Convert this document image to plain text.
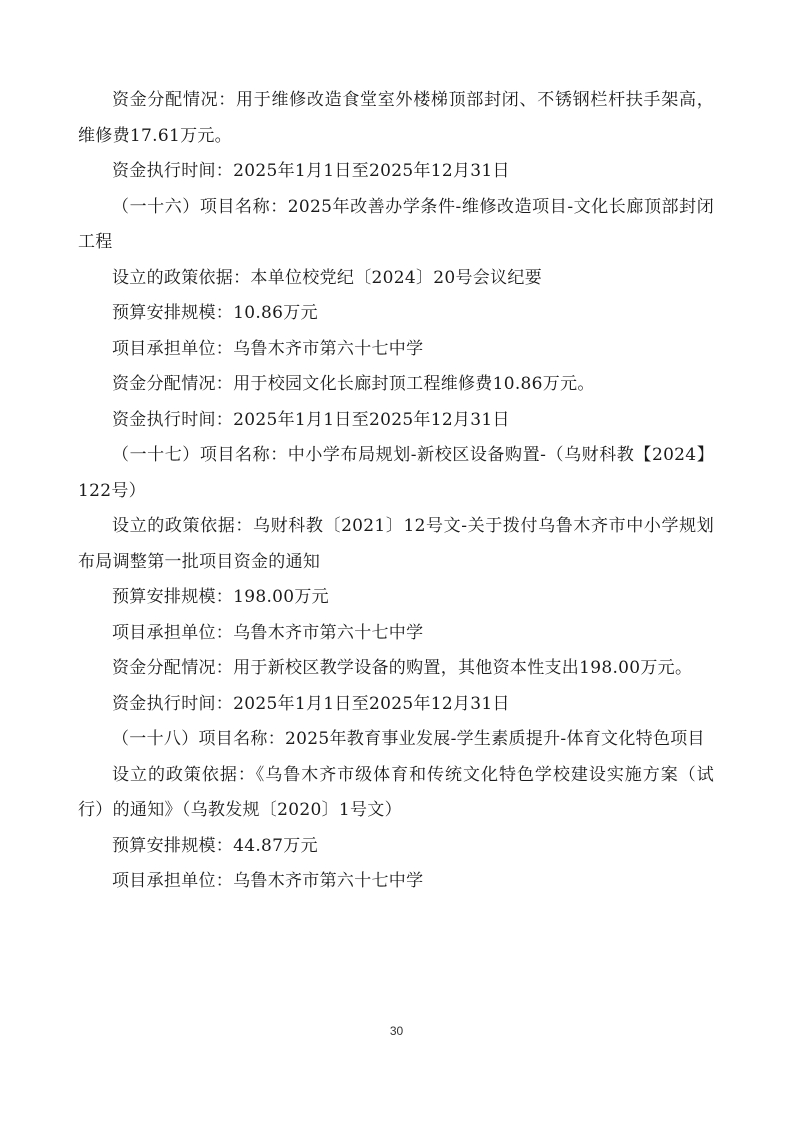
资金分配情况：用于维修改造食堂室外楼梯顶部封闭、不锈钢栏杆扶手架高，维修费17.61万元。

资金执行时间：2025年1月1日至2025年12月31日

（一十六）项目名称：2025年改善办学条件-维修改造项目-文化长廊顶部封闭工程

设立的政策依据：本单位校党纪〔2024〕20号会议纪要

预算安排规模：10.86万元

项目承担单位：乌鲁木齐市第六十七中学

资金分配情况：用于校园文化长廊封顶工程维修费10.86万元。

资金执行时间：2025年1月1日至2025年12月31日

（一十七）项目名称：中小学布局规划-新校区设备购置-（乌财科教【2024】122号）

设立的政策依据：乌财科教〔2021〕12号文-关于拨付乌鲁木齐市中小学规划布局调整第一批项目资金的通知

预算安排规模：198.00万元

项目承担单位：乌鲁木齐市第六十七中学

资金分配情况：用于新校区教学设备的购置，其他资本性支出198.00万元。

资金执行时间：2025年1月1日至2025年12月31日

（一十八）项目名称：2025年教育事业发展-学生素质提升-体育文化特色项目

设立的政策依据：《乌鲁木齐市级体育和传统文化特色学校建设实施方案（试行）的通知》（乌教发规〔2020〕1号文）

预算安排规模：44.87万元

项目承担单位：乌鲁木齐市第六十七中学

30
